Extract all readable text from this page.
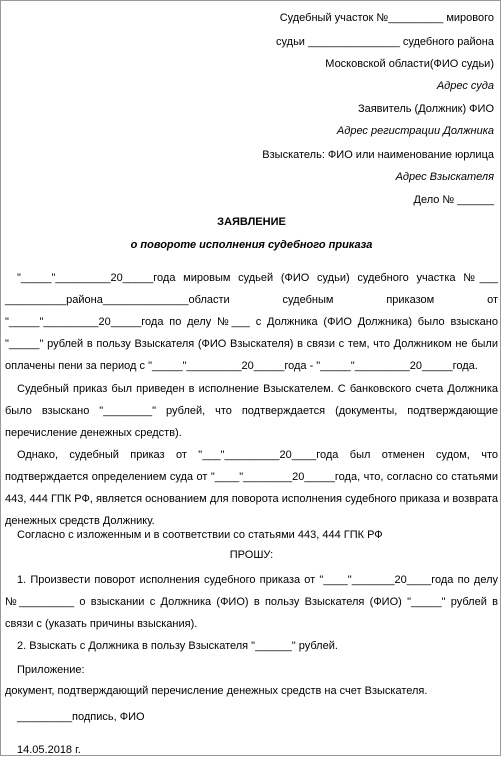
Судебный участок №_________ мирового
судьи _______________ судебного района
Московской области(ФИО судьи)
Адрес суда
Заявитель (Должник) ФИО
Адрес регистрации Должника
Взыскатель: ФИО или наименование юрлица
Адрес Взыскателя
Дело № ______
ЗАЯВЛЕНИЕ
о повороте исполнения судебного приказа

"_____"_________20_____года мировым судьей (ФИО судьи) судебного участка №___ __________района______________области судебным приказом от "_____"_________20_____года по делу №___ с Должника (ФИО Должника) было взыскано "_____" рублей в пользу Взыскателя (ФИО Взыскателя) в связи с тем, что Должником не были оплачены пени за период с "_____"_________20_____года - "_____"_________20_____года.

Судебный приказ был приведен в исполнение Взыскателем. С банковского счета Должника было взыскано "________" рублей, что подтверждается (документы, подтверждающие перечисление денежных средств).

Однако, судебный приказ от "___"_________20____года был отменен судом, что подтверждается определением суда от "____"________20_____года, что, согласно со статьями 443, 444 ГПК РФ, является основанием для поворота исполнения судебного приказа и возврата денежных средств Должнику.

Согласно с изложенным и в соответствии со статьями 443, 444 ГПК РФ

ПРОШУ:

1. Произвести поворот исполнения судебного приказа от "____"_______20____года по делу №_________ о взыскании с Должника (ФИО) в пользу Взыскателя (ФИО) "_____" рублей в связи с (указать причины взыскания).

2. Взыскать с Должника в пользу Взыскателя "______" рублей.

Приложение:
документ, подтверждающий перечисление денежных средств на счет Взыскателя.
_________подпись, ФИО
14.05.2018 г.
